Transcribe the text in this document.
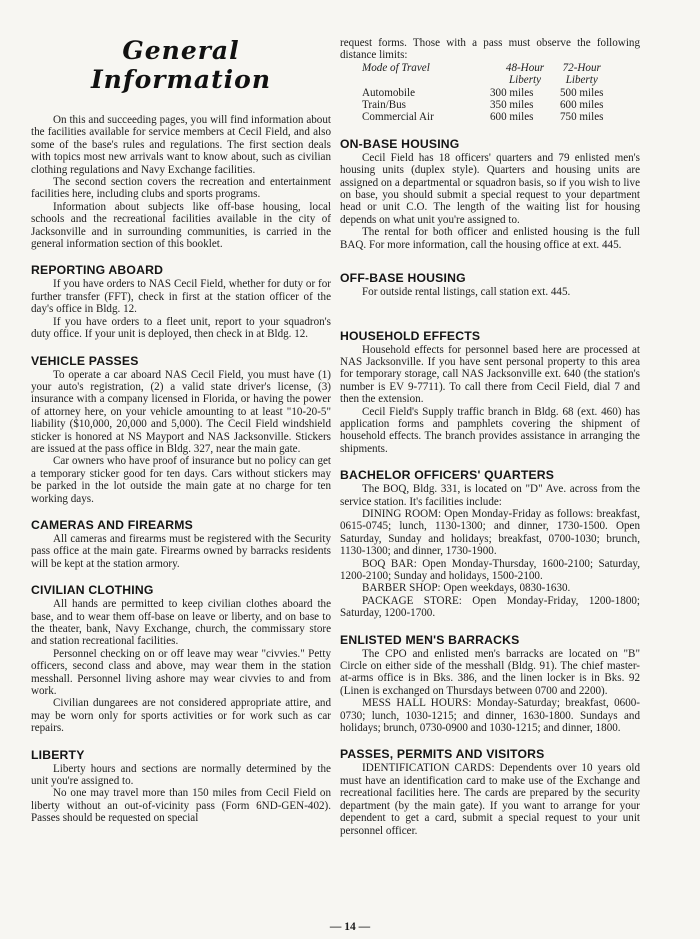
General Information

On this and succeeding pages, you will find information about the facilities available for service members at Cecil Field, and also some of the base's rules and regulations. The first section deals with topics most new arrivals want to know about, such as civilian clothing regulations and Navy Exchange facilities.

The second section covers the recreation and entertainment facilities here, including clubs and sports programs.

Information about subjects like off-base housing, local schools and the recreational facilities available in the city of Jacksonville and in surrounding communities, is carried in the general information section of this booklet.

REPORTING ABOARD

If you have orders to NAS Cecil Field, whether for duty or for further transfer (FFT), check in first at the station officer of the day's office in Bldg. 12.

If you have orders to a fleet unit, report to your squadron's duty office. If your unit is deployed, then check in at Bldg. 12.

VEHICLE PASSES

To operate a car aboard NAS Cecil Field, you must have (1) your auto's registration, (2) a valid state driver's license, (3) insurance with a company licensed in Florida, or having the power of attorney here, on your vehicle amounting to at least "10-20-5" liability ($10,000, 20,000 and 5,000). The Cecil Field windshield sticker is honored at NS Mayport and NAS Jacksonville. Stickers are issued at the pass office in Bldg. 327, near the main gate.

Car owners who have proof of insurance but no policy can get a temporary sticker good for ten days. Cars without stickers may be parked in the lot outside the main gate at no charge for ten working days.

CAMERAS AND FIREARMS

All cameras and firearms must be registered with the Security pass office at the main gate. Firearms owned by barracks residents will be kept at the station armory.

CIVILIAN CLOTHING

All hands are permitted to keep civilian clothes aboard the base, and to wear them off-base on leave or liberty, and on base to the theater, bank, Navy Exchange, church, the commissary store and station recreational facilities.

Personnel checking on or off leave may wear "civvies." Petty officers, second class and above, may wear them in the station messhall. Personnel living ashore may wear civvies to and from work.

Civilian dungarees are not considered appropriate attire, and may be worn only for sports activities or for work such as car repairs.

LIBERTY

Liberty hours and sections are normally determined by the unit you're assigned to.

No one may travel more than 150 miles from Cecil Field on liberty without an out-of-vicinity pass (Form 6ND-GEN-402). Passes should be requested on special

request forms. Those with a pass must observe the following distance limits:

Mode of Travel	48-Hour	72-Hour
	Liberty	Liberty
Automobile	300 miles	500 miles
Train/Bus	350 miles	600 miles
Commercial Air	600 miles	750 miles
ON-BASE HOUSING

Cecil Field has 18 officers' quarters and 79 enlisted men's housing units (duplex style). Quarters and housing units are assigned on a departmental or squadron basis, so if you wish to live on base, you should submit a special request to your department head or unit C.O. The length of the waiting list for housing depends on what unit you're assigned to.

The rental for both officer and enlisted housing is the full BAQ. For more information, call the housing office at ext. 445.

OFF-BASE HOUSING

For outside rental listings, call station ext. 445.

HOUSEHOLD EFFECTS

Household effects for personnel based here are processed at NAS Jacksonville. If you have sent personal property to this area for temporary storage, call NAS Jacksonville ext. 640 (the station's number is EV 9-7711). To call there from Cecil Field, dial 7 and then the extension.

Cecil Field's Supply traffic branch in Bldg. 68 (ext. 460) has application forms and pamphlets covering the shipment of household effects. The branch provides assistance in arranging the shipments.

BACHELOR OFFICERS' QUARTERS

The BOQ, Bldg. 331, is located on "D" Ave. across from the service station. It's facilities include:

DINING ROOM: Open Monday-Friday as follows: breakfast, 0615-0745; lunch, 1130-1300; and dinner, 1730-1500. Open Saturday, Sunday and holidays; breakfast, 0700-1030; brunch, 1130-1300; and dinner, 1730-1900.

BOQ BAR: Open Monday-Thursday, 1600-2100; Saturday, 1200-2100; Sunday and holidays, 1500-2100.

BARBER SHOP: Open weekdays, 0830-1630.

PACKAGE STORE: Open Monday-Friday, 1200-1800; Saturday, 1200-1700.

ENLISTED MEN'S BARRACKS

The CPO and enlisted men's barracks are located on "B" Circle on either side of the messhall (Bldg. 91). The chief master-at-arms office is in Bks. 386, and the linen locker is in Bks. 92 (Linen is exchanged on Thursdays between 0700 and 2200).

MESS HALL HOURS: Monday-Saturday; breakfast, 0600-0730; lunch, 1030-1215; and dinner, 1630-1800. Sundays and holidays; brunch, 0730-0900 and 1030-1215; and dinner, 1800.

PASSES, PERMITS AND VISITORS

IDENTIFICATION CARDS: Dependents over 10 years old must have an identification card to make use of the Exchange and recreational facilities here. The cards are prepared by the security department (by the main gate). If you want to arrange for your dependent to get a card, submit a special request to your unit personnel officer.

— 14 —
